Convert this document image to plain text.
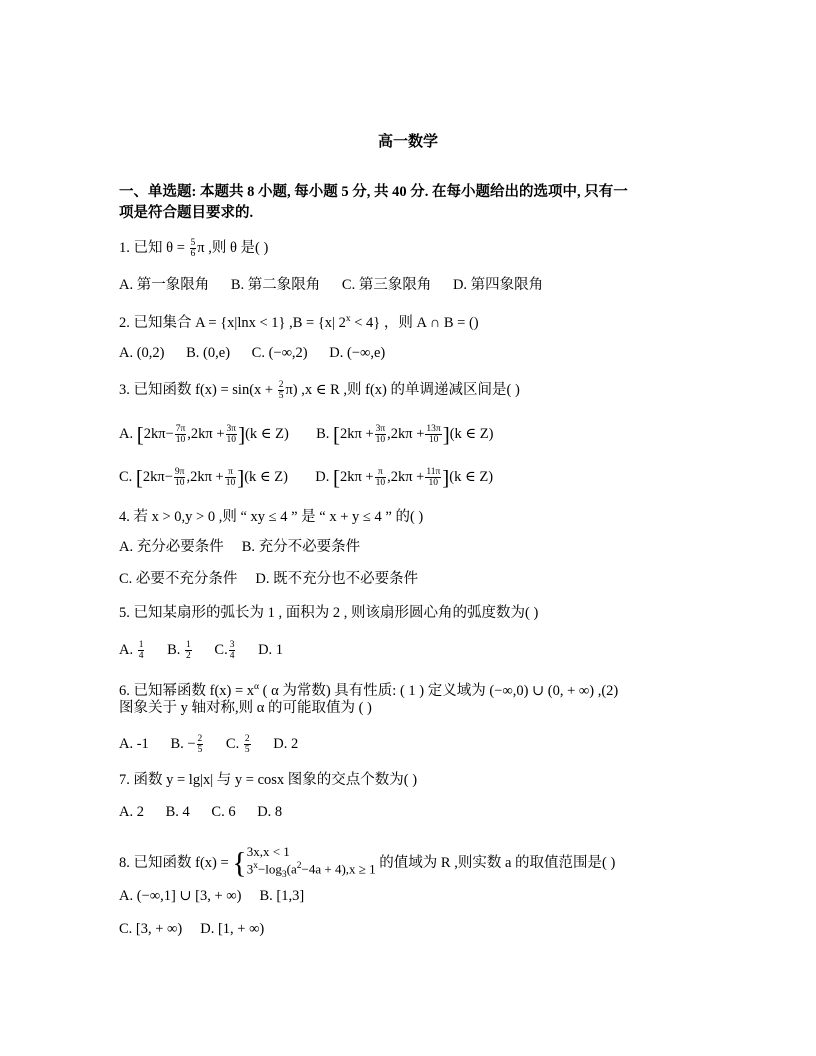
高一数学
一、单选题: 本题共 8 小题, 每小题 5 分, 共 40 分. 在每小题给出的选项中, 只有一
项是符合题目要求的.
1. 已知 $\theta = \frac{5}{6}$ π ,则 θ 是( )
A. 第一象限角 B. 第二象限角 C. 第三象限角 D. 第四象限角
2. 已知集合 A = {x|lnx < 1} ,B = {x| $2^x < 4$} ，则 A ∩ B = ()
A. (0,2) B. (0,e) C. (−∞,2) D. (−∞,e)
3. 已知函数 $f(x) = \sin(x + \frac{2}{5} \pi)$ ,x ∈ R ,则 f(x) 的单调递减区间是( )
A. $[2k\pi- \frac{7\pi}{10} ,2k\pi + \frac{3\pi}{10} ](k$ ∈ Z) B. $[2k\pi + \frac{3\pi}{10} ,2k\pi + \frac{13\pi}{10} ](k$ ∈ Z)
C. $[2k\pi- \frac{9\pi}{10} ,2k\pi + \frac{\pi}{10} ](k$ ∈ Z) D. $[2k\pi + \frac{\pi}{10} ,2k\pi + \frac{11\pi}{10} ](k$ ∈ Z)
4. 若 x > 0,y > 0 ,则 “ xy ≤ 4 ” 是 “ x + y ≤ 4 ” 的( )
A. 充分必要条件 B. 充分不必要条件
C. 必要不充分条件 D. 既不充分也不必要条件
5. 已知某扇形的弧长为 1 , 面积为 2 , 则该扇形圆心角的弧度数为( )
A. $\frac{1}{4} B$. $\frac{1}{2} C$. $\frac{3}{4} D$. 1
6. 已知幂函数 $f(x) = x^\alpha$ ( α 为常数) 具有性质: ( 1 ) 定义域为 (−∞,0) ∪ (0, + ∞) ,(2)
图象关于 y 轴对称,则 α 的可能取值为 ( )
A. -1 B. − $\frac{2}{5} C$. $\frac{2}{5} D$. 2
7. 函数 y = lg|x| 与 y = cosx 图象的交点个数为( )
A. 2 B. 4 C. 6 D. 8
8. 已知函数 f(x) = { 3x,x < 1
$3^x-\log_3(a^2-4a + 4),x \ge 1$ 的值域为 R ,则实数 a 的取值范围是( )
A. (−∞,1] ∪ [3, + ∞) B. [1,3]
C. [3, + ∞) D. [1, + ∞)
